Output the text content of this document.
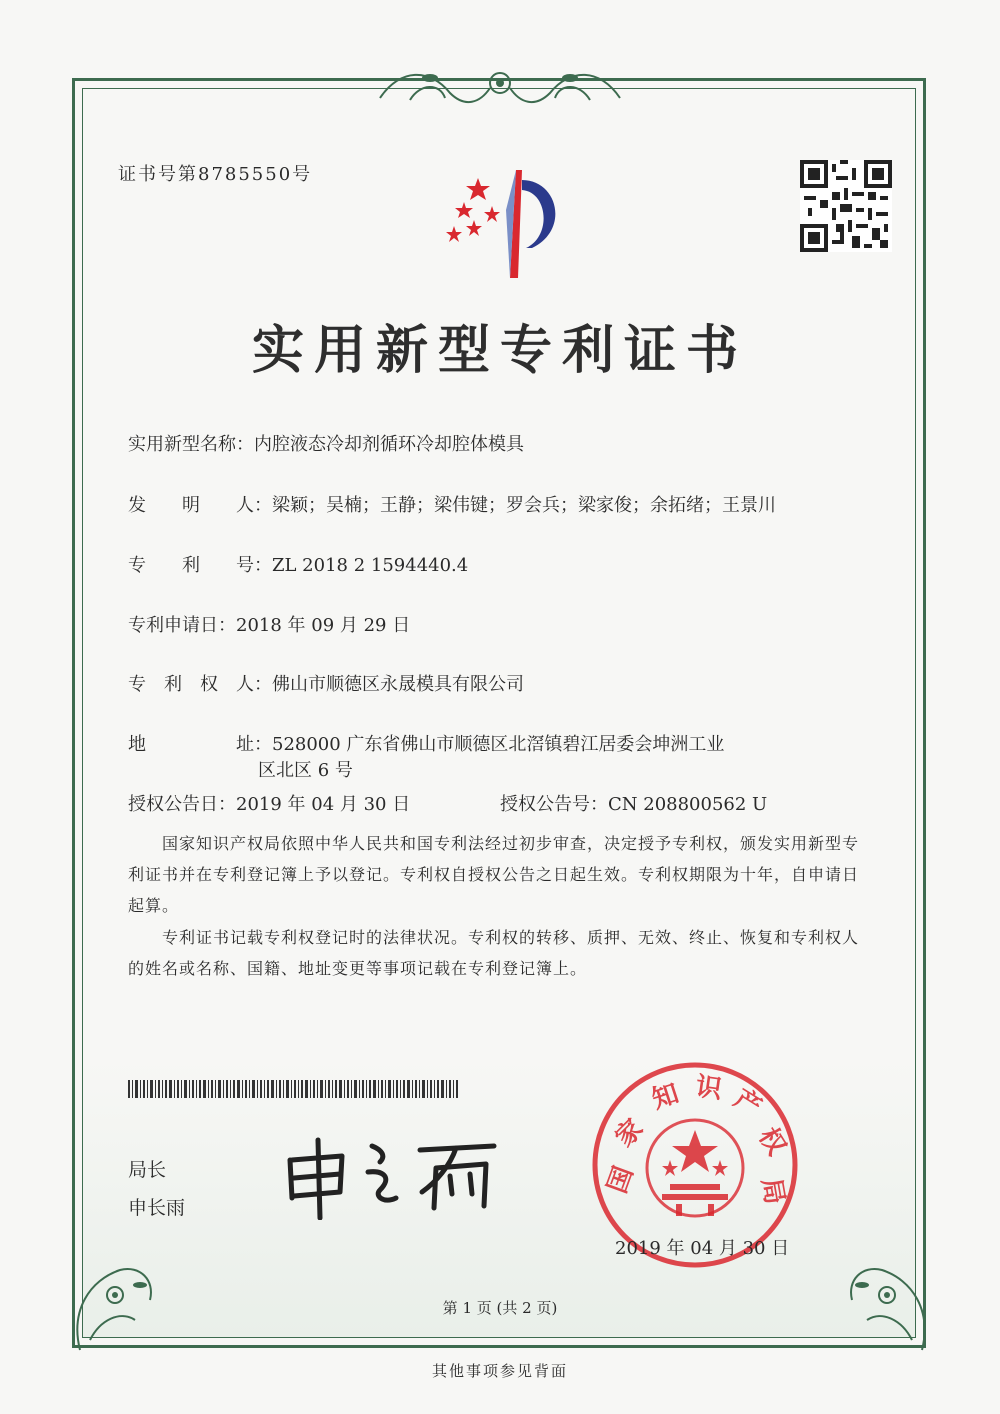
证书号第8785550号
实用新型专利证书
实用新型名称：内腔液态冷却剂循环冷却腔体模具
发　　明　　人：梁颖；吴楠；王静；梁伟键；罗会兵；梁家俊；余拓绪；王景川
专　　利　　号：ZL 2018 2 1594440.4
专利申请日：2018 年 09 月 29 日
专　利　权　人：佛山市顺德区永晟模具有限公司
地　　　　　址：528000 广东省佛山市顺德区北滘镇碧江居委会坤洲工业
区北区 6 号
授权公告日：2019 年 04 月 30 日	授权公告号：CN 208800562 U
国家知识产权局依照中华人民共和国专利法经过初步审查，决定授予专利权，颁发实用新型专利证书并在专利登记簿上予以登记。专利权自授权公告之日起生效。专利权期限为十年，自申请日起算。
专利证书记载专利权登记时的法律状况。专利权的转移、质押、无效、终止、恢复和专利权人的姓名或名称、国籍、地址变更等事项记载在专利登记簿上。
局长
申长雨
国
家
知 识 产
权
局
2019 年 04 月 30 日
第 1 页 (共 2 页)
其他事项参见背面
